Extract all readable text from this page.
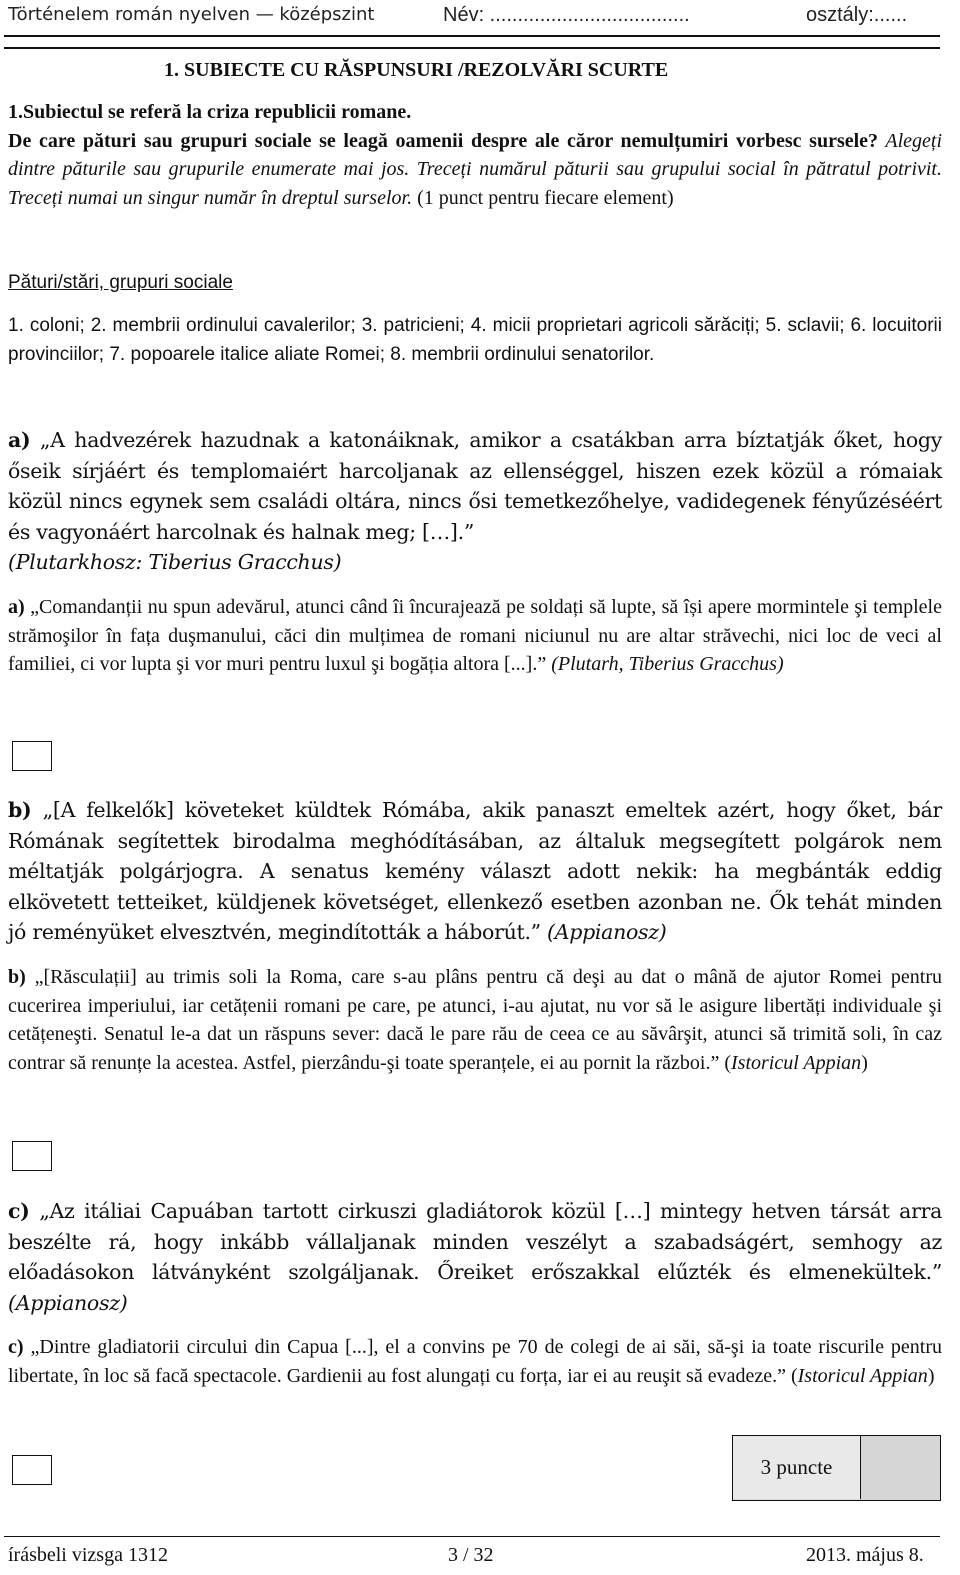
Történelem román nyelven — középszint	Név: ....................................	osztály:......
1. SUBIECTE CU RĂSPUNSURI /REZOLVĂRI SCURTE

1.Subiectul se referă la criza republicii romane.
De care pături sau grupuri sociale se leagă oamenii despre ale căror nemulțumiri vorbesc sursele? Alegeți dintre păturile sau grupurile enumerate mai jos. Treceți numărul păturii sau grupului social în pătratul potrivit. Treceți numai un singur număr în dreptul surselor. (1 punct pentru fiecare element)

Pături/stări, grupuri sociale

1. coloni; 2. membrii ordinului cavalerilor; 3. patricieni; 4. micii proprietari agricoli sărăciți; 5. sclavii; 6. locuitorii provinciilor; 7. popoarele italice aliate Romei; 8. membrii ordinului senatorilor.

a) „A hadvezérek hazudnak a katonáiknak, amikor a csatákban arra bíztatják őket, hogy őseik sírjáért és templomaiért harcoljanak az ellenséggel, hiszen ezek közül a rómaiak közül nincs egynek sem családi oltára, nincs ősi temetkezőhelye, vadidegenek fényűzéséért és vagyonáért harcolnak és halnak meg; […].”
(Plutarkhosz: Tiberius Gracchus)

a) „Comandanții nu spun adevărul, atunci când îi încurajează pe soldați să lupte, să își apere mormintele şi templele strămoşilor în fața duşmanului, căci din mulțimea de romani niciunul nu are altar străvechi, nici loc de veci al familiei, ci vor lupta şi vor muri pentru luxul şi bogăția altora [...].” (Plutarh, Tiberius Gracchus)

b) „[A felkelők] követeket küldtek Rómába, akik panaszt emeltek azért, hogy őket, bár Rómának segítettek birodalma meghódításában, az általuk megsegített polgárok nem méltatják polgárjogra. A senatus kemény választ adott nekik: ha megbánták eddig elkövetett tetteiket, küldjenek követséget, ellenkező esetben azonban ne. Ők tehát minden jó reményüket elvesztvén, megindították a háborút.” (Appianosz)

b) „[Răsculații] au trimis soli la Roma, care s-au plâns pentru că deşi au dat o mână de ajutor Romei pentru cucerirea imperiului, iar cetățenii romani pe care, pe atunci, i-au ajutat, nu vor să le asigure libertăți individuale şi cetățeneşti. Senatul le-a dat un răspuns sever: dacă le pare rău de ceea ce au săvârşit, atunci să trimită soli, în caz contrar să renunțe la acestea. Astfel, pierzându-şi toate speranțele, ei au pornit la război.” (Istoricul Appian)

c) „Az itáliai Capuában tartott cirkuszi gladiátorok közül […] mintegy hetven társát arra beszélte rá, hogy inkább vállaljanak minden veszélyt a szabadságért, semhogy az előadásokon látványként szolgáljanak. Őreiket erőszakkal elűzték és elmenekültek.” (Appianosz)

c) „Dintre gladiatorii circului din Capua [...], el a convins pe 70 de colegi de ai săi, să-şi ia toate riscurile pentru libertate, în loc să facă spectacole. Gardienii au fost alungați cu forța, iar ei au reuşit să evadeze.” (Istoricul Appian)

3 puncte
írásbeli vizsga 1312	3 / 32	2013. május 8.
